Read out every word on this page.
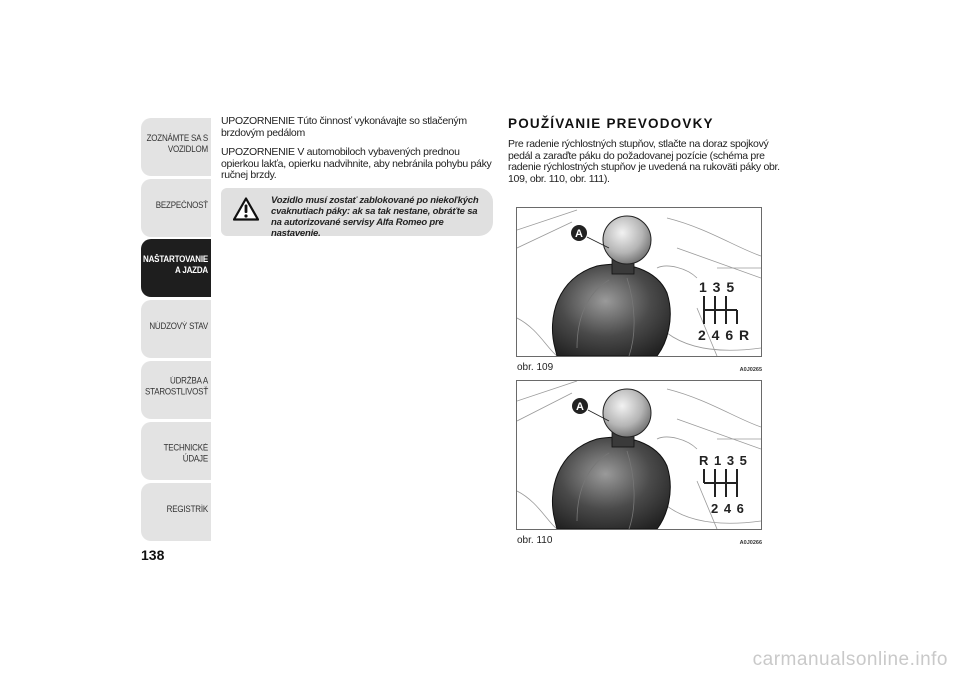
ZOZNÁMTE SA S VOZIDLOM
BEZPEČNOSŤ
NAŠTARTOVANIE A JAZDA
NÚDZOVÝ STAV
ÚDRŽBA A STAROSTLIVOSŤ
TECHNICKÉ ÚDAJE
REGISTRÍK
138

UPOZORNENIE Túto činnosť vykonávajte so stlačeným brzdovým pedálom

UPOZORNENIE V automobiloch vybavených prednou opierkou lakťa, opierku nadvihnite, aby nebránila pohybu páky ručnej brzdy.

Vozidlo musí zostať zablokované po niekoľkých cvaknutiach páky: ak sa tak nestane, obráťte sa na autorizované servisy Alfa Romeo pre nastavenie.
POUŽÍVANIE PREVODOVKY

Pre radenie rýchlostných stupňov, stlačte na doraz spojkový pedál a zaraďte páku do požadovanej pozície (schéma pre radenie rýchlostných stupňov je uvedená na rukoväti páky obr. 109, obr. 110, obr. 111).

A
1 3 5
2 4 6 R
obr. 109	A0J0265
A
R 1 3 5
2 4 6
obr. 110	A0J0266
carmanualsonline.info
